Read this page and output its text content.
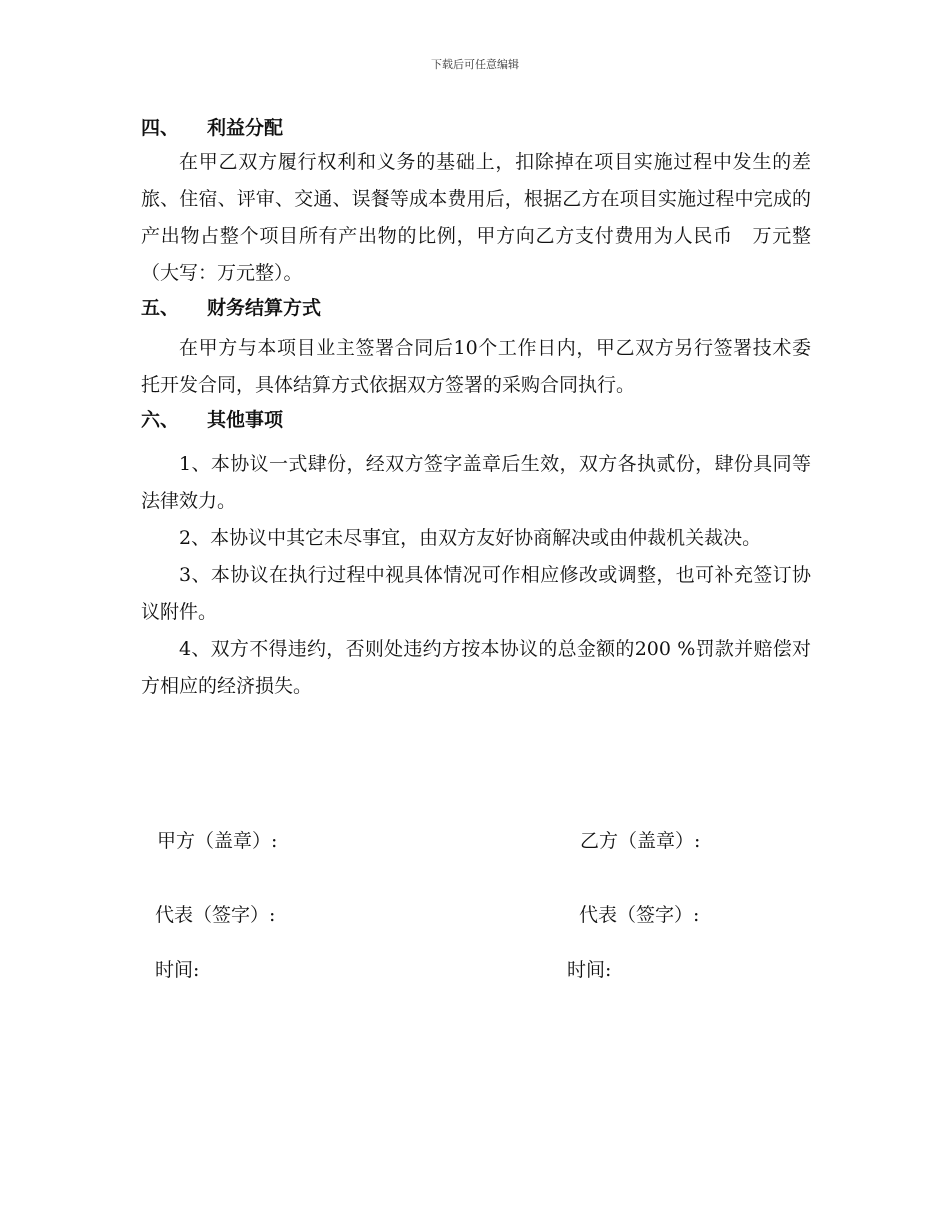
下载后可任意编辑
四、 利益分配
在甲乙双方履行权利和义务的基础上，扣除掉在项目实施过程中发生的差旅、住宿、评审、交通、误餐等成本费用后，根据乙方在项目实施过程中完成的产出物占整个项目所有产出物的比例，甲方向乙方支付费用为人民币　万元整（大写：万元整）。
五、 财务结算方式
在甲方与本项目业主签署合同后10个工作日内，甲乙双方另行签署技术委托开发合同，具体结算方式依据双方签署的采购合同执行。
六、 其他事项
1、本协议一式肆份，经双方签字盖章后生效，双方各执贰份，肆份具同等法律效力。
2、本协议中其它未尽事宜，由双方友好协商解决或由仲裁机关裁决。
3、本协议在执行过程中视具体情况可作相应修改或调整，也可补充签订协议附件。
4、双方不得违约，否则处违约方按本协议的总金额的200 %罚款并赔偿对方相应的经济损失。
甲方（盖章）:	乙方（盖章）:
代表（签字）:	代表（签字）:
时间:	时间:
